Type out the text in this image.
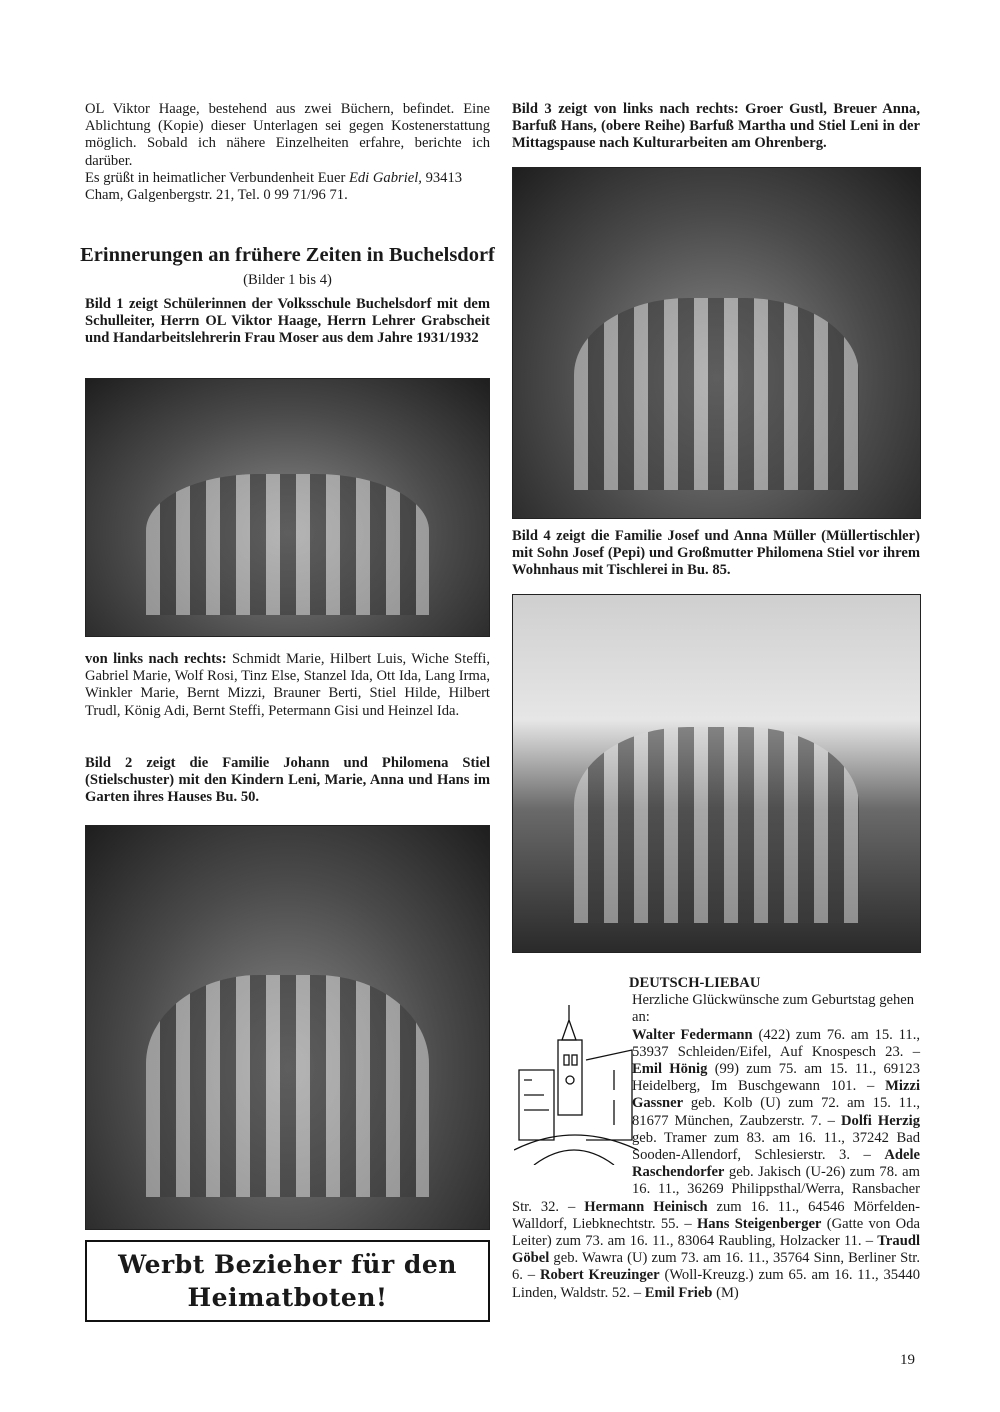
OL Viktor Haage, bestehend aus zwei Büchern, befindet. Eine Ablichtung (Kopie) dieser Unterlagen sei gegen Kostenerstattung möglich. Sobald ich nähere Einzelheiten erfahre, berichte ich darüber.

Es grüßt in heimatlicher Verbundenheit Euer Edi Gabriel, 93413 Cham, Galgenbergstr. 21, Tel. 0 99 71/96 71.

Erinnerungen an frühere Zeiten in Buchelsdorf
(Bilder 1 bis 4)
Bild 1 zeigt Schülerinnen der Volksschule Buchelsdorf mit dem Schulleiter, Herrn OL Viktor Haage, Herrn Lehrer Grabscheit und Handarbeitslehrerin Frau Moser aus dem Jahre 1931/1932
von links nach rechts: Schmidt Marie, Hilbert Luis, Wiche Steffi, Gabriel Marie, Wolf Rosi, Tinz Else, Stanzel Ida, Ott Ida, Lang Irma, Winkler Marie, Bernt Mizzi, Brauner Berti, Stiel Hilde, Hilbert Trudl, König Adi, Bernt Steffi, Petermann Gisi und Heinzel Ida.
Bild 2 zeigt die Familie Johann und Philomena Stiel (Stielschuster) mit den Kindern Leni, Marie, Anna und Hans im Garten ihres Hauses Bu. 50.
Werbt Bezieher für den
Heimatboten!
Bild 3 zeigt von links nach rechts: Groer Gustl, Breuer Anna, Barfuß Hans, (obere Reihe) Barfuß Martha und Stiel Leni in der Mittagspause nach Kulturarbeiten am Ohrenberg.
Bild 4 zeigt die Familie Josef und Anna Müller (Müllertischler) mit Sohn Josef (Pepi) und Großmutter Philomena Stiel vor ihrem Wohnhaus mit Tischlerei in Bu. 85.
DEUTSCH-LIEBAU

Herzliche Glückwünsche zum Geburtstag gehen an:

Walter Federmann (422) zum 76. am 15. 11., 53937 Schleiden/Eifel, Auf Knospesch 23. – Emil Hönig (99) zum 75. am 15. 11., 69123 Heidelberg, Im Buschgewann 101. – Mizzi Gassner geb. Kolb (U) zum 72. am 15. 11., 81677 München, Zaubzerstr. 7. – Dolfi Herzig geb. Tramer zum 83. am 16. 11., 37242 Bad Sooden-Allendorf, Schlesierstr. 3. – Adele Raschendorfer geb. Jakisch (U-26) zum 78. am 16. 11., 36269 Philippsthal/Werra, Ransbacher Str. 32. – Hermann Heinisch zum 16. 11., 64546 Mörfelden-Walldorf, Liebknechtstr. 55. – Hans Steigenberger (Gatte von Oda Leiter) zum 73. am 16. 11., 83064 Raubling, Holzacker 11. – Traudl Göbel geb. Wawra (U) zum 73. am 16. 11., 35764 Sinn, Berliner Str. 6. – Robert Kreuzinger (Woll-Kreuzg.) zum 65. am 16. 11., 35440 Linden, Waldstr. 52. – Emil Frieb (M)

19
